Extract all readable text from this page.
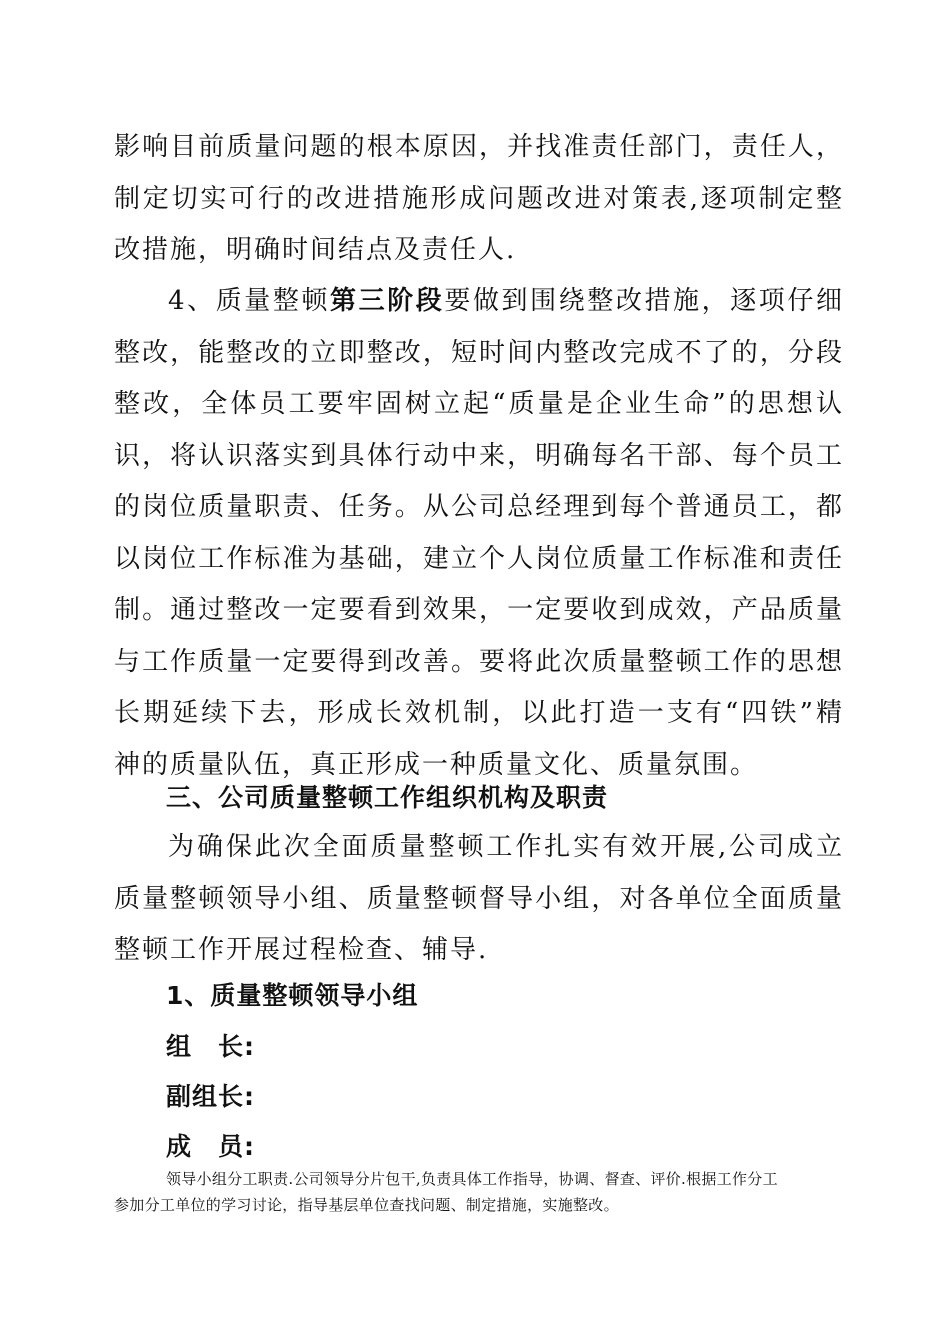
影响目前质量问题的根本原因，并找准责任部门，责任人，制定切实可行的改进措施形成问题改进对策表,逐项制定整改措施，明确时间结点及责任人.

4、质量整顿第三阶段要做到围绕整改措施，逐项仔细整改，能整改的立即整改，短时间内整改完成不了的，分段整改，全体员工要牢固树立起“质量是企业生命”的思想认识，将认识落实到具体行动中来，明确每名干部、每个员工的岗位质量职责、任务。从公司总经理到每个普通员工，都以岗位工作标准为基础，建立个人岗位质量工作标准和责任制。通过整改一定要看到效果，一定要收到成效，产品质量与工作质量一定要得到改善。要将此次质量整顿工作的思想长期延续下去，形成长效机制，以此打造一支有“四铁”精神的质量队伍，真正形成一种质量文化、质量氛围。

三、公司质量整顿工作组织机构及职责

为确保此次全面质量整顿工作扎实有效开展,公司成立质量整顿领导小组、质量整顿督导小组，对各单位全面质量整顿工作开展过程检查、辅导.

1、质量整顿领导小组

组　长:

副组长:

成　员:

领导小组分工职责.公司领导分片包干,负责具体工作指导，协调、督查、评价.根据工作分工
参加分工单位的学习讨论，指导基层单位查找问题、制定措施，实施整改。
